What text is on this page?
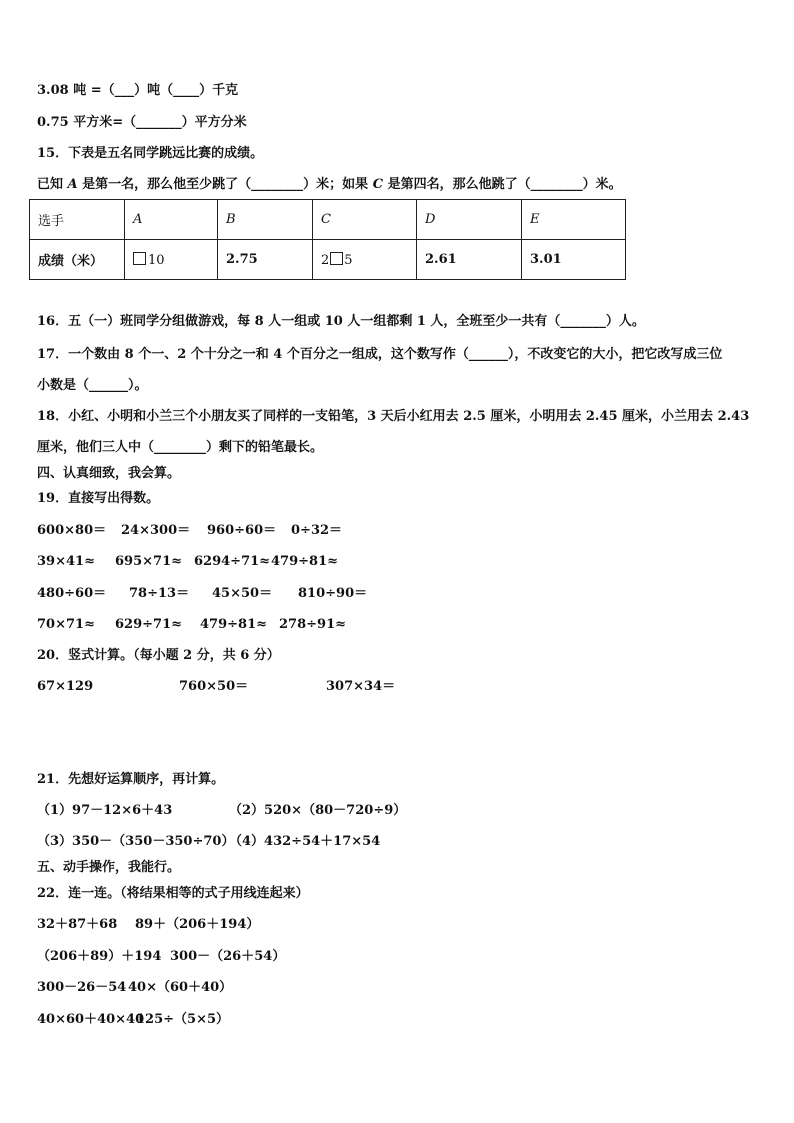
3.08 吨 =（___）吨（____）千克
0.75 平方米=（_______）平方分米
15．下表是五名同学跳远比赛的成绩。
已知 A 是第一名，那么他至少跳了（________）米；如果 C 是第四名，那么他跳了（________）米。
选手	A	B	C	D	E
成绩（米）	10	2.75	2 5	2.61	3.01
16．五（一）班同学分组做游戏，每 8 人一组或 10 人一组都剩 1 人，全班至少一共有（_______）人。
17．一个数由 8 个一、2 个十分之一和 4 个百分之一组成，这个数写作（______），不改变它的大小，把它改写成三位
小数是（______）。
18．小红、小明和小兰三个小朋友买了同样的一支铅笔，3 天后小红用去 2.5 厘米，小明用去 2.45 厘米，小兰用去 2.43
厘米，他们三人中（________）剩下的铅笔最长。
四、认真细致，我会算。
19．直接写出得数。
600×80＝ 24×300＝ 960÷60＝ 0÷32＝
39×41≈ 695×71≈ 6294÷71≈ 479÷81≈
480÷60＝ 78÷13＝ 45×50＝ 810÷90＝
70×71≈ 629÷71≈ 479÷81≈ 278÷91≈
20．竖式计算。（每小题 2 分，共 6 分）
67×129	760×50＝	307×34＝
21．先想好运算顺序，再计算。
（1）97－12×6＋43	（2）520×（80－720÷9）
（3）350－（350－350÷70）
（4）432÷54＋17×54
五、动手操作，我能行。
22．连一连。（将结果相等的式子用线连起来）
32＋87＋68 89＋（206＋194）
（206＋89）＋194 300－（26＋54）
300－26－54 40×（60＋40）
40×60＋40×40
125÷（5×5）
